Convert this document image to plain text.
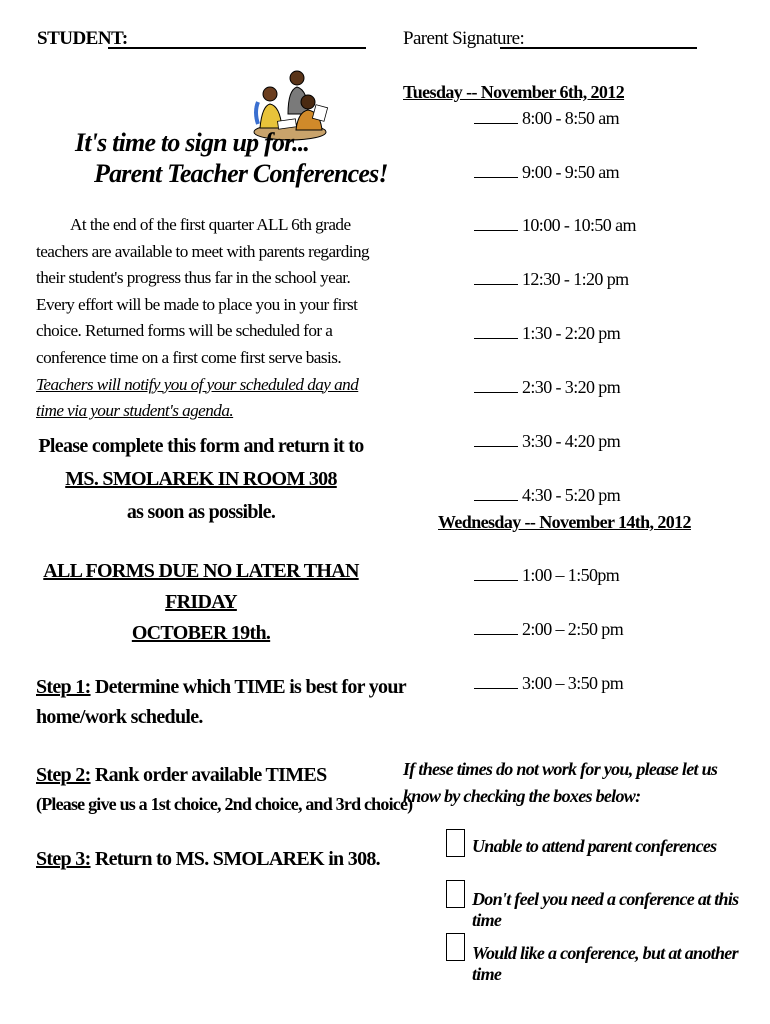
STUDENT:
It's time to sign up for...
Parent Teacher Conferences!

At the end of the first quarter ALL 6th grade teachers are available to meet with parents regarding their student's progress thus far in the school year. Every effort will be made to place you in your first choice. Returned forms will be scheduled for a conference time on a first come first serve basis. Teachers will notify you of your scheduled day and time via your student's agenda.

Please complete this form and return it to
MS. SMOLAREK IN ROOM 308
as soon as possible.
ALL FORMS DUE NO LATER THAN FRIDAY
OCTOBER 19th.
Step 1: Determine which TIME is best for your
home/work schedule.
Step 2: Rank order available TIMES
(Please give us a 1st choice, 2nd choice, and 3rd choice)
Step 3: Return to MS. SMOLAREK in 308.
Parent Signature:
Tuesday -- November 6th, 2012
8:00 - 8:50 am
9:00 - 9:50 am
10:00 - 10:50 am
12:30 - 1:20 pm
1:30 - 2:20 pm
2:30 - 3:20 pm
3:30 - 4:20 pm
4:30 - 5:20 pm
Wednesday -- November 14th, 2012
1:00 – 1:50pm
2:00 – 2:50 pm
3:00 – 3:50 pm
If these times do not work for you, please let us know by checking the boxes below:
Unable to attend parent conferences
Don't feel you need a conference at this time
Would like a conference, but at another time
